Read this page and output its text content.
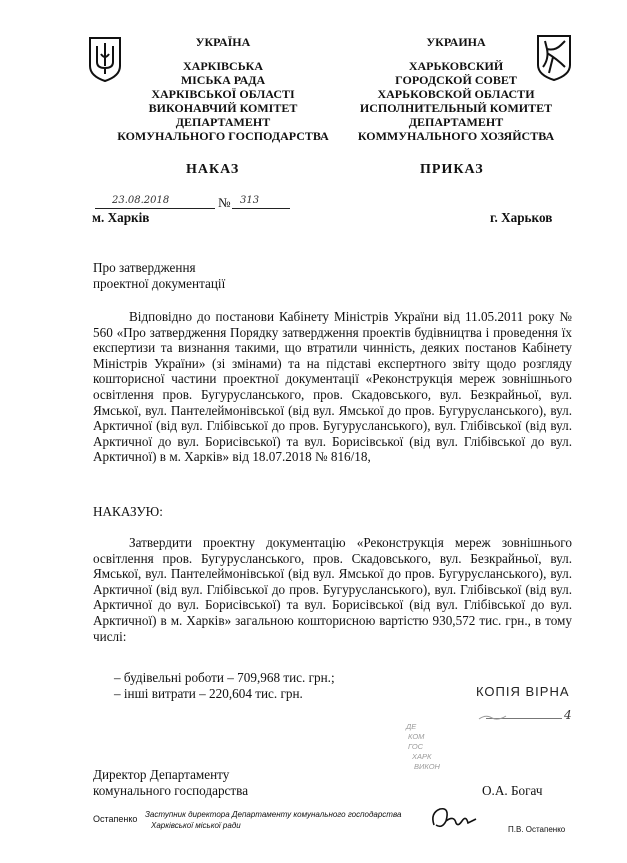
УКРАЇНА
ХАРКІВСЬКА
МІСЬКА РАДА
ХАРКІВСЬКОЇ ОБЛАСТІ
ВИКОНАВЧИЙ КОМІТЕТ
ДЕПАРТАМЕНТ
КОМУНАЛЬНОГО ГОСПОДАРСТВА
УКРАИНА
ХАРЬКОВСКИЙ
ГОРОДСКОЙ СОВЕТ
ХАРЬКОВСКОЙ ОБЛАСТИ
ИСПОЛНИТЕЛЬНЫЙ КОМИТЕТ
ДЕПАРТАМЕНТ
КОММУНАЛЬНОГО ХОЗЯЙСТВА
НАКАЗ	ПРИКАЗ
23.08.2018	№ 313
м. Харків	г. Харьков
Про затвердження
проектної документації
Відповідно до постанови Кабінету Міністрів України від 11.05.2011 року № 560 «Про затвердження Порядку затвердження проектів будівництва і проведення їх експертизи та визнання такими, що втратили чинність, деяких постанов Кабінету Міністрів України» (зі змінами) та на підставі експертного звіту щодо розгляду кошторисної частини проектної документації «Реконструкція мереж зовнішнього освітлення пров. Бугурусланського, пров. Скадовського, вул. Безкрайньої, вул. Ямської, вул. Пантелеймонівської (від вул. Ямської до пров. Бугурусланського), вул. Арктичної (від вул. Глібівської до пров. Бугурусланського), вул. Глібівської (від вул. Арктичної до вул. Борисівської) та вул. Борисівської (від вул. Глібівської до вул. Арктичної) в м. Харків» від 18.07.2018 № 816/18,
НАКАЗУЮ:
Затвердити проектну документацію «Реконструкція мереж зовнішнього освітлення пров. Бугурусланського, пров. Скадовського, вул. Безкрайньої, вул. Ямської, вул. Пантелеймонівської (від вул. Ямської до пров. Бугурусланського), вул. Арктичної (від вул. Глібівської до пров. Бугурусланського), вул. Глібівської (від вул. Арктичної до вул. Борисівської) та вул. Борисівської (від вул. Глібівської до вул. Арктичної) в м. Харків» загальною кошторисною вартістю 930,572 тис. грн., в тому числі:
– будівельні роботи – 709,968 тис. грн.;
– інші витрати – 220,604 тис. грн.	КОПІЯ ВІРНА
4
ДЕ
КОМ
ГОС
ХАРК
ВИКОН
Директор Департаменту
комунального господарства	О.А. Богач
Остапенко Заступник директора Департаменту комунального господарства
Харківської міської ради	П.В. Остапенко
